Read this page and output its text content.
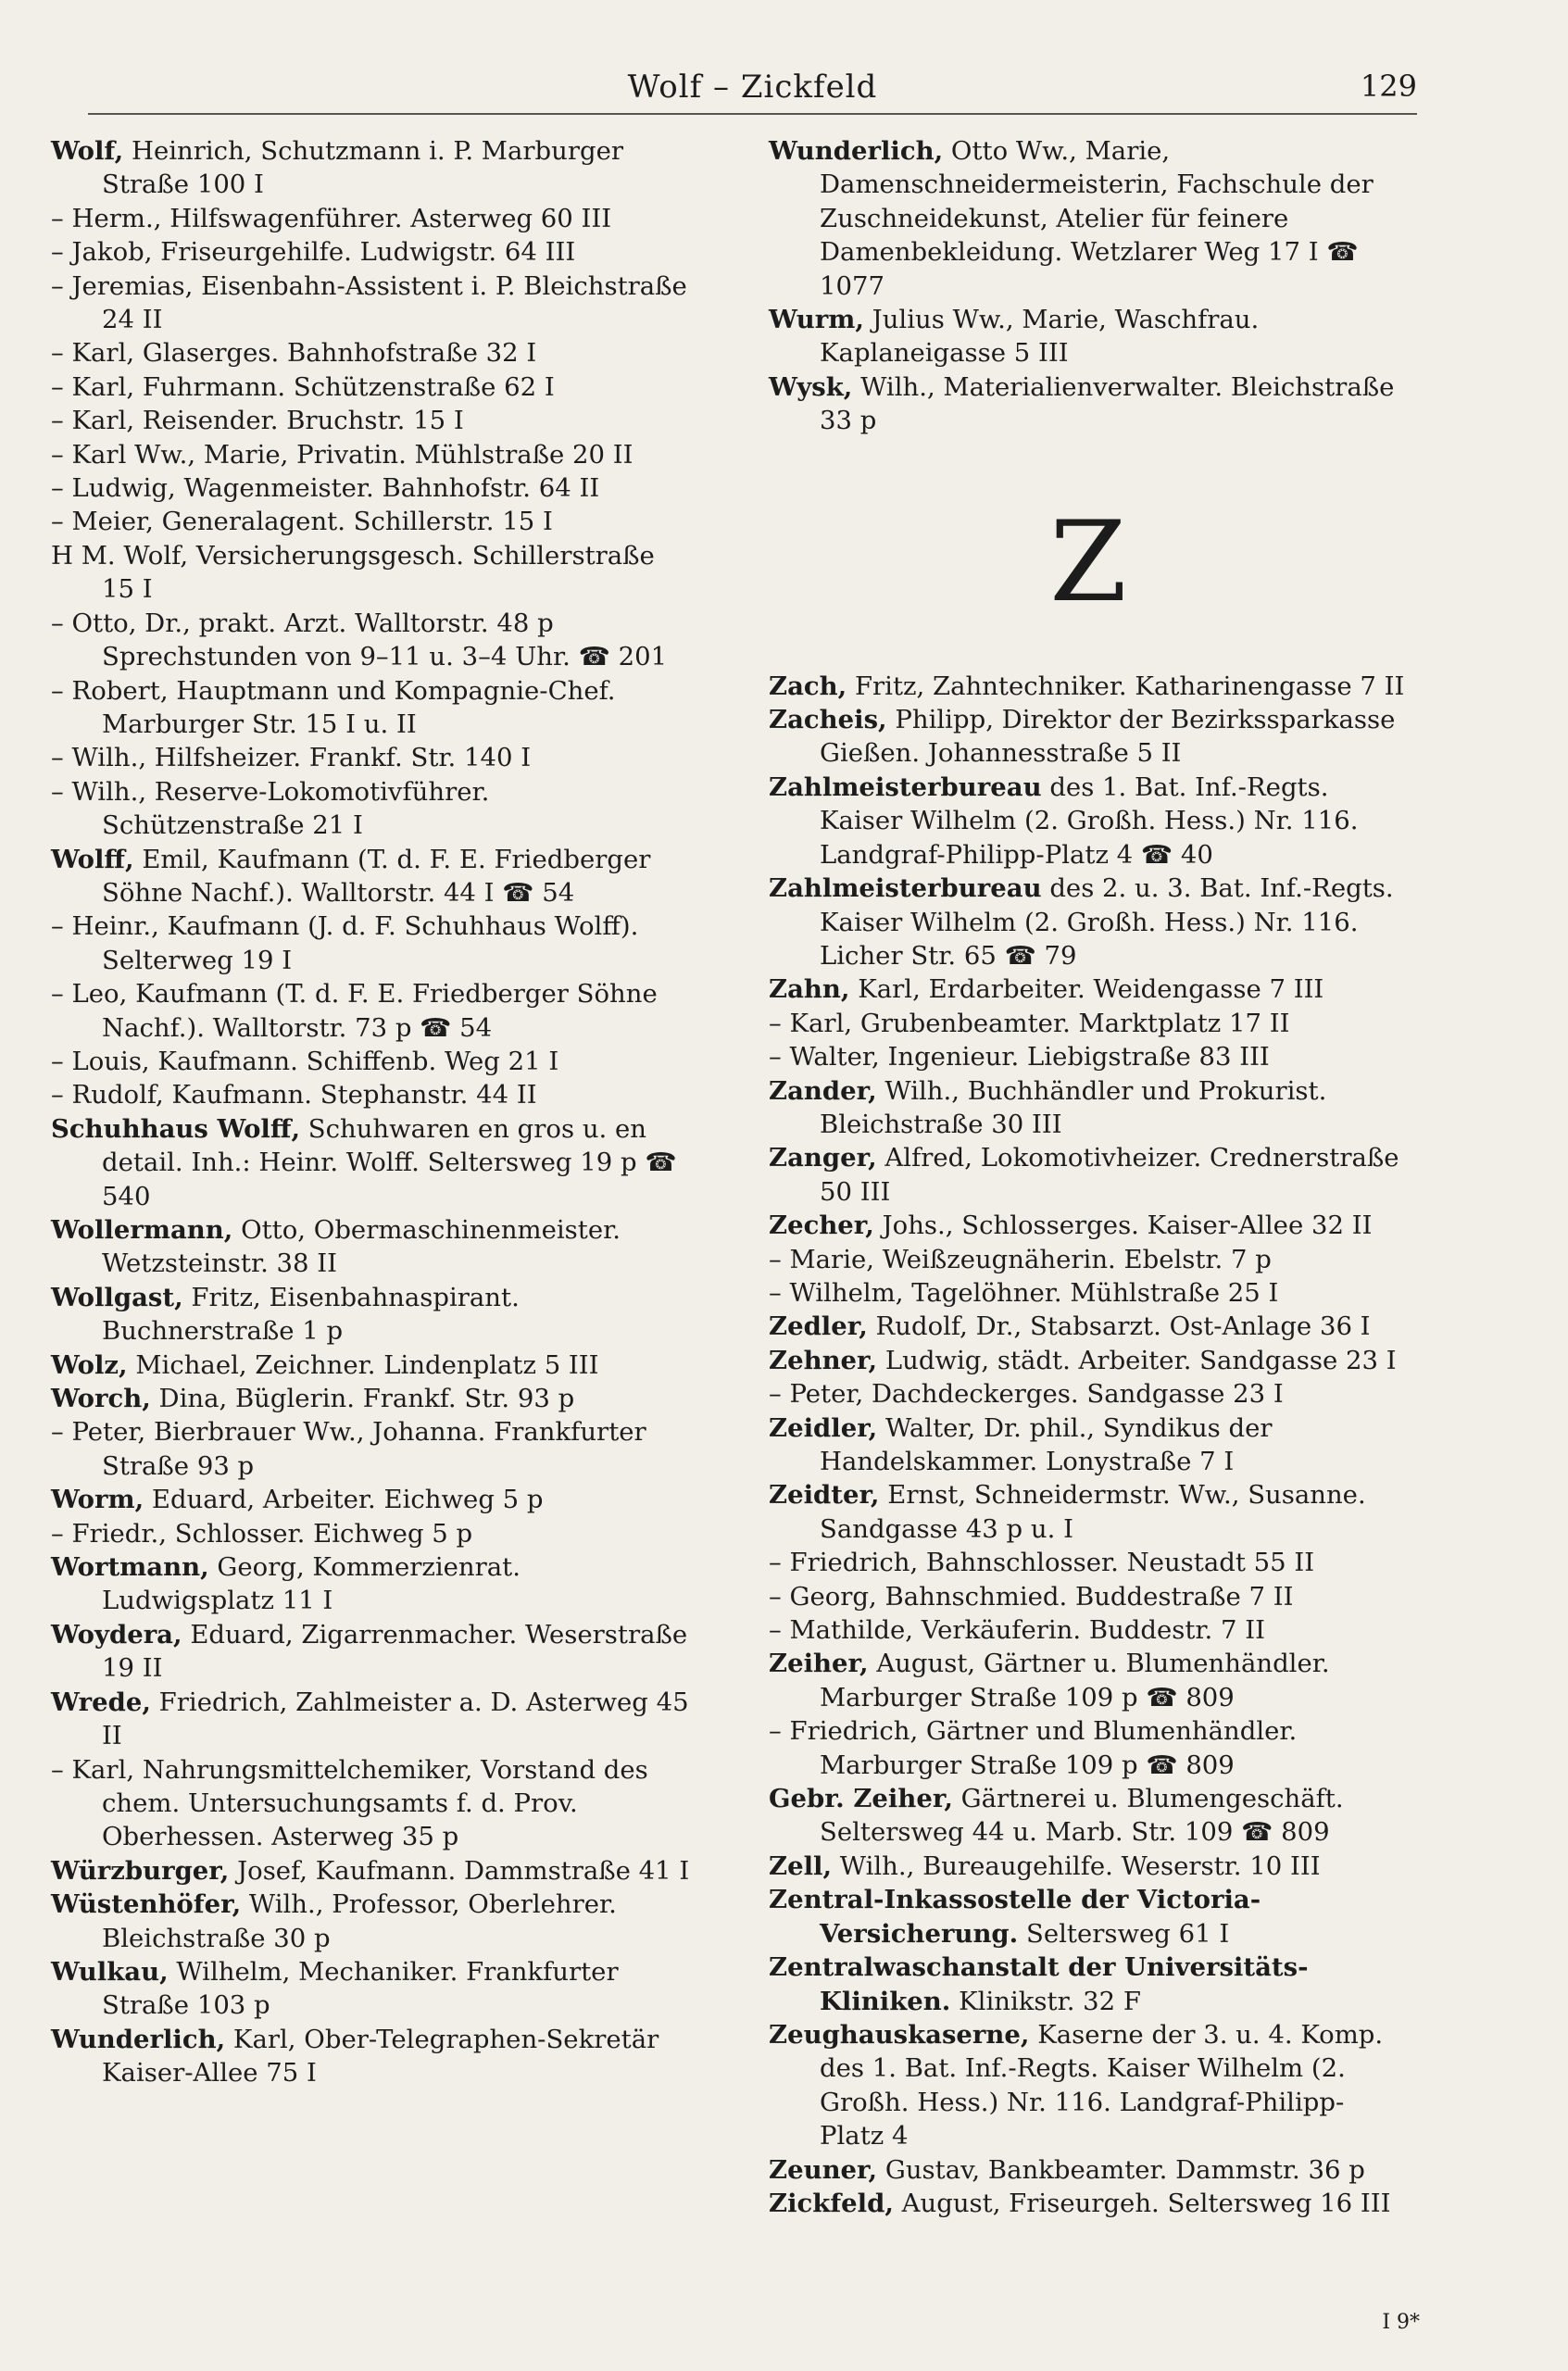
Wolf – Zickfeld	129

Wolf, Heinrich, Schutzmann i. P. Marburger Straße 100 I

– Herm., Hilfswagenführer. Asterweg 60 III

– Jakob, Friseurgehilfe. Ludwigstr. 64 III

– Jeremias, Eisenbahn-Assistent i. P. Bleichstraße 24 II

– Karl, Glaserges. Bahnhofstraße 32 I

– Karl, Fuhrmann. Schützenstraße 62 I

– Karl, Reisender. Bruchstr. 15 I

– Karl Ww., Marie, Privatin. Mühlstraße 20 II

– Ludwig, Wagenmeister. Bahnhofstr. 64 II

– Meier, Generalagent. Schillerstr. 15 I

H M. Wolf, Versicherungsgesch. Schillerstraße 15 I

– Otto, Dr., prakt. Arzt. Walltorstr. 48 p Sprechstunden von 9–11 u. 3–4 Uhr. ☎ 201

– Robert, Hauptmann und Kompagnie-Chef. Marburger Str. 15 I u. II

– Wilh., Hilfsheizer. Frankf. Str. 140 I

– Wilh., Reserve-Lokomotivführer. Schützenstraße 21 I

Wolff, Emil, Kaufmann (T. d. F. E. Friedberger Söhne Nachf.). Walltorstr. 44 I ☎ 54

– Heinr., Kaufmann (J. d. F. Schuhhaus Wolff). Selterweg 19 I

– Leo, Kaufmann (T. d. F. E. Friedberger Söhne Nachf.). Walltorstr. 73 p ☎ 54

– Louis, Kaufmann. Schiffenb. Weg 21 I

– Rudolf, Kaufmann. Stephanstr. 44 II

Schuhhaus Wolff, Schuhwaren en gros u. en detail. Inh.: Heinr. Wolff. Seltersweg 19 p ☎ 540

Wollermann, Otto, Obermaschinenmeister. Wetzsteinstr. 38 II

Wollgast, Fritz, Eisenbahnaspirant. Buchnerstraße 1 p

Wolz, Michael, Zeichner. Lindenplatz 5 III

Worch, Dina, Büglerin. Frankf. Str. 93 p

– Peter, Bierbrauer Ww., Johanna. Frankfurter Straße 93 p

Worm, Eduard, Arbeiter. Eichweg 5 p

– Friedr., Schlosser. Eichweg 5 p

Wortmann, Georg, Kommerzienrat. Ludwigsplatz 11 I

Woydera, Eduard, Zigarrenmacher. Weserstraße 19 II

Wrede, Friedrich, Zahlmeister a. D. Asterweg 45 II

– Karl, Nahrungsmittelchemiker, Vorstand des chem. Untersuchungsamts f. d. Prov. Oberhessen. Asterweg 35 p

Würzburger, Josef, Kaufmann. Dammstraße 41 I

Wüstenhöfer, Wilh., Professor, Oberlehrer. Bleichstraße 30 p

Wulkau, Wilhelm, Mechaniker. Frankfurter Straße 103 p

Wunderlich, Karl, Ober-Telegraphen-Sekretär Kaiser-Allee 75 I

Wunderlich, Otto Ww., Marie, Damenschneidermeisterin, Fachschule der Zuschneidekunst, Atelier für feinere Damenbekleidung. Wetzlarer Weg 17 I ☎ 1077

Wurm, Julius Ww., Marie, Waschfrau. Kaplaneigasse 5 III

Wysk, Wilh., Materialienverwalter. Bleichstraße 33 p

Z

Zach, Fritz, Zahntechniker. Katharinengasse 7 II

Zacheis, Philipp, Direktor der Bezirkssparkasse Gießen. Johannesstraße 5 II

Zahlmeisterbureau des 1. Bat. Inf.-Regts. Kaiser Wilhelm (2. Großh. Hess.) Nr. 116. Landgraf-Philipp-Platz 4 ☎ 40

Zahlmeisterbureau des 2. u. 3. Bat. Inf.-Regts. Kaiser Wilhelm (2. Großh. Hess.) Nr. 116. Licher Str. 65 ☎ 79

Zahn, Karl, Erdarbeiter. Weidengasse 7 III

– Karl, Grubenbeamter. Marktplatz 17 II

– Walter, Ingenieur. Liebigstraße 83 III

Zander, Wilh., Buchhändler und Prokurist. Bleichstraße 30 III

Zanger, Alfred, Lokomotivheizer. Crednerstraße 50 III

Zecher, Johs., Schlosserges. Kaiser-Allee 32 II

– Marie, Weißzeugnäherin. Ebelstr. 7 p

– Wilhelm, Tagelöhner. Mühlstraße 25 I

Zedler, Rudolf, Dr., Stabsarzt. Ost-Anlage 36 I

Zehner, Ludwig, städt. Arbeiter. Sandgasse 23 I

– Peter, Dachdeckerges. Sandgasse 23 I

Zeidler, Walter, Dr. phil., Syndikus der Handelskammer. Lonystraße 7 I

Zeidter, Ernst, Schneidermstr. Ww., Susanne. Sandgasse 43 p u. I

– Friedrich, Bahnschlosser. Neustadt 55 II

– Georg, Bahnschmied. Buddestraße 7 II

– Mathilde, Verkäuferin. Buddestr. 7 II

Zeiher, August, Gärtner u. Blumenhändler. Marburger Straße 109 p ☎ 809

– Friedrich, Gärtner und Blumenhändler. Marburger Straße 109 p ☎ 809

Gebr. Zeiher, Gärtnerei u. Blumengeschäft. Seltersweg 44 u. Marb. Str. 109 ☎ 809

Zell, Wilh., Bureaugehilfe. Weserstr. 10 III

Zentral-Inkassostelle der Victoria-Versicherung. Seltersweg 61 I

Zentralwaschanstalt der Universitäts-Kliniken. Klinikstr. 32 F

Zeughauskaserne, Kaserne der 3. u. 4. Komp. des 1. Bat. Inf.-Regts. Kaiser Wilhelm (2. Großh. Hess.) Nr. 116. Landgraf-Philipp-Platz 4

Zeuner, Gustav, Bankbeamter. Dammstr. 36 p

Zickfeld, August, Friseurgeh. Seltersweg 16 III

I 9*
